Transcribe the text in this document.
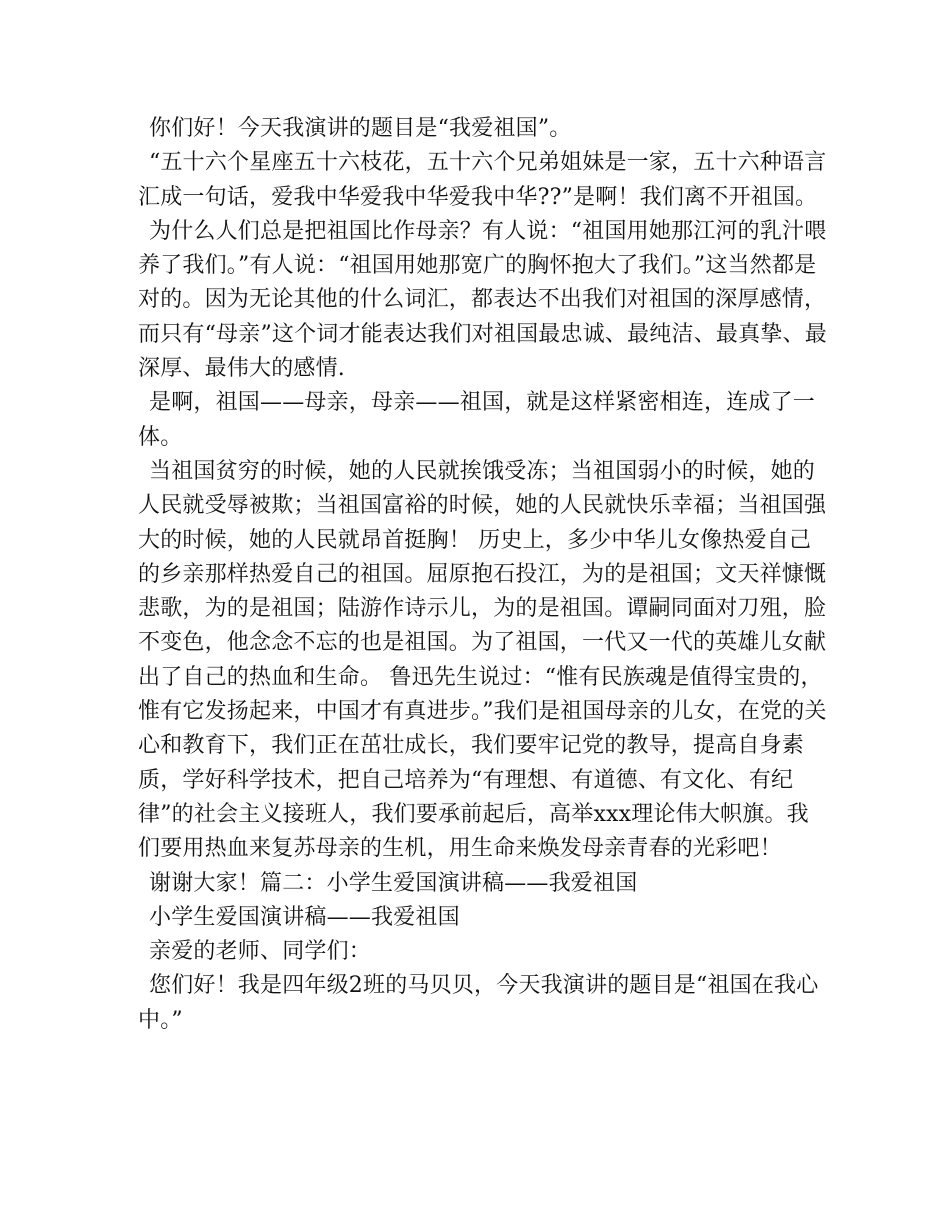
你们好！今天我演讲的题目是“我爱祖国”。

“五十六个星座五十六枝花，五十六个兄弟姐妹是一家，五十六种语言汇成一句话，爱我中华爱我中华爱我中华??”是啊！我们离不开祖国。

为什么人们总是把祖国比作母亲？有人说：“祖国用她那江河的乳汁喂养了我们。”有人说：“祖国用她那宽广的胸怀抱大了我们。”这当然都是对的。因为无论其他的什么词汇，都表达不出我们对祖国的深厚感情，而只有“母亲”这个词才能表达我们对祖国最忠诚、最纯洁、最真挚、最深厚、最伟大的感情.

是啊，祖国——母亲，母亲——祖国，就是这样紧密相连，连成了一体。

当祖国贫穷的时候，她的人民就挨饿受冻；当祖国弱小的时候，她的人民就受辱被欺；当祖国富裕的时候，她的人民就快乐幸福；当祖国强大的时候，她的人民就昂首挺胸！ 历史上，多少中华儿女像热爱自己的乡亲那样热爱自己的祖国。屈原抱石投江，为的是祖国；文天祥慷慨悲歌，为的是祖国；陆游作诗示儿，为的是祖国。谭嗣同面对刀殂，脸不变色，他念念不忘的也是祖国。为了祖国，一代又一代的英雄儿女献出了自己的热血和生命。 鲁迅先生说过：“惟有民族魂是值得宝贵的，惟有它发扬起来，中国才有真进步。”我们是祖国母亲的儿女，在党的关心和教育下，我们正在茁壮成长，我们要牢记党的教导，提高自身素质，学好科学技术，把自己培养为“有理想、有道德、有文化、有纪律”的社会主义接班人，我们要承前起后，高举xxx理论伟大帜旗。我们要用热血来复苏母亲的生机，用生命来焕发母亲青春的光彩吧！

谢谢大家！篇二：小学生爱国演讲稿——我爱祖国

小学生爱国演讲稿——我爱祖国

亲爱的老师、同学们：

您们好！我是四年级2班的马贝贝，今天我演讲的题目是“祖国在我心中。”
